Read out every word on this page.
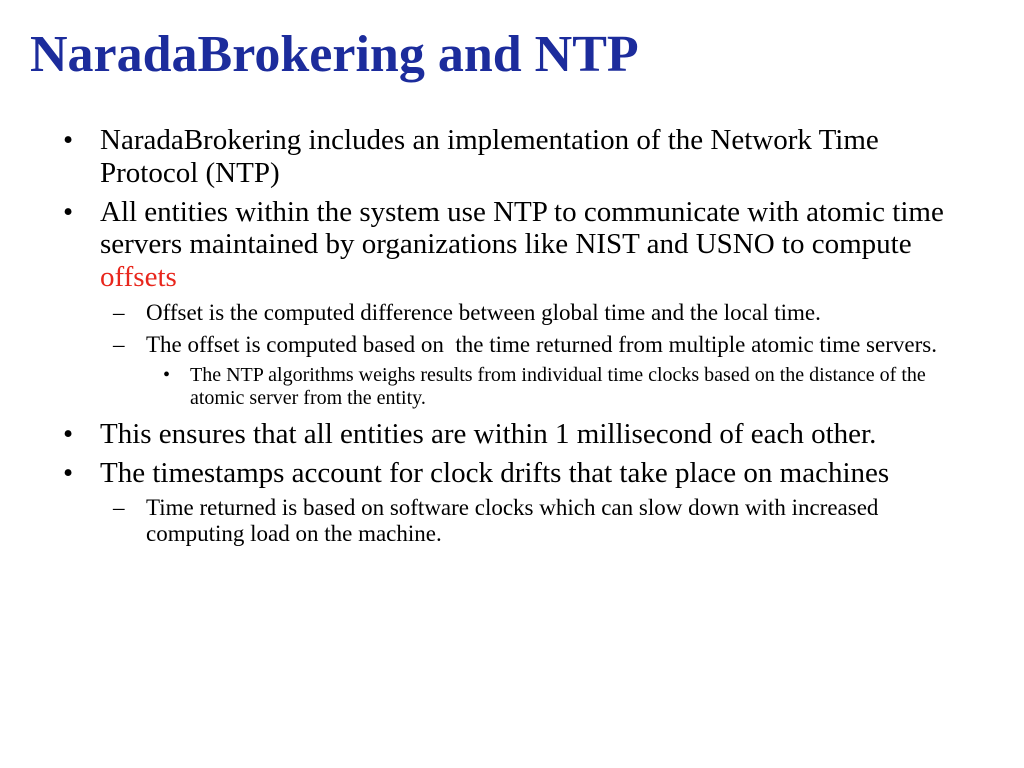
NaradaBrokering and NTP
• NaradaBrokering includes an implementation of the Network Time Protocol (NTP)
• All entities within the system use NTP to communicate with atomic time servers maintained by organizations like NIST and USNO to compute offsets
– Offset is the computed difference between global time and the local time.
– The offset is computed based on  the time returned from multiple atomic time servers.
• The NTP algorithms weighs results from individual time clocks based on the distance of the atomic server from the entity.
• This ensures that all entities are within 1 millisecond of each other.
• The timestamps account for clock drifts that take place on machines
– Time returned is based on software clocks which can slow down with increased computing load on the machine.
